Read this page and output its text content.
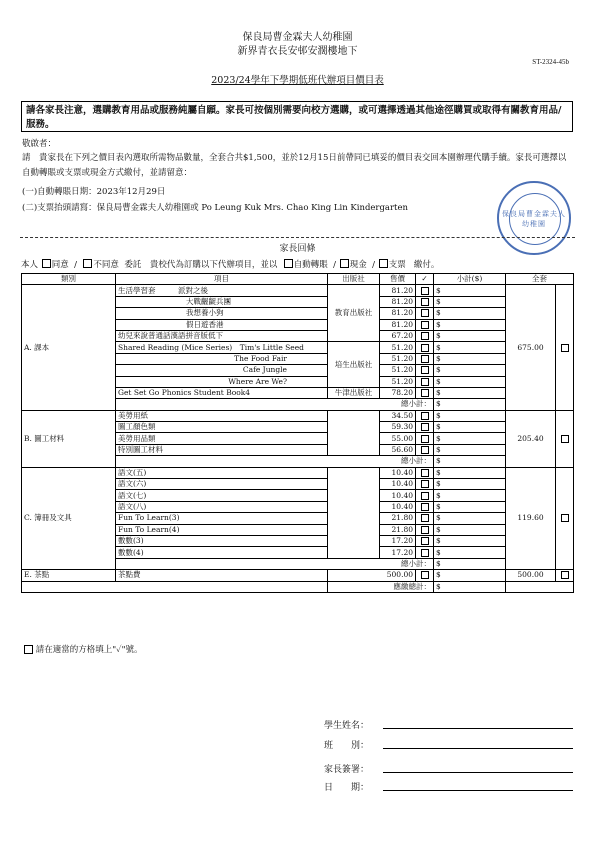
保良局曹金霖夫人幼稚園
新界青衣長安邨安濶樓地下
ST-2324-45b
2023/24學年下學期低班代辦項目價目表
請各家長注意，選購教育用品或服務純屬自願。家長可按個別需要向校方選購，或可選擇透過其他途徑購買或取得有關教育用品/服務。
敬啟者：
請　貴家長在下列之價目表內選取所需物品數量，全套合共$1,500，並於12月15日前帶同已填妥的價目表交回本園辦理代購手續。家長可選擇以自動轉賬或支票或現金方式繳付，並請留意：
(一)自動轉賬日期：2023年12月29日
(二)支票抬頭請寫：保良局曹金霖夫人幼稚園或 Po Leung Kuk Mrs. Chao King Lin Kindergarten
保良局曹金霖夫人幼稚園
家長回條
本人 同意  /  不同意 委託　貴校代為訂購以下代辦項目，並以 自動轉賬  / 現金  / 支票 繳付。
類別	項目	出版社	售價	✓	小計($)	全套	
A. 課本	生活學習套　　　派對之後	教育出版社	81.20		$	675.00	
	大戰齷齪兵團		81.20		$		
	我想養小狗		81.20		$		
	假日遊香港		81.20		$		
	幼兒來說普通話漢語拼音版低下		67.20		$		
	Shared Reading (Mice Series)　Tim's Little Seed	培生出版社	51.20		$		
	The Food Fair		51.20		$		
	Cafe Jungle		51.20		$		
	Where Are We?		51.20		$		
	Get Set Go Phonics Student Book4	牛津出版社	78.20		$		
	總小計：				$		
B. 圖工材料	美勞用紙		34.50		$	205.40	
	圖工顏色類		59.30		$		
	美勞用品類		55.00		$		
	特別圖工材料		56.60		$		
	總小計：				$		
C. 簿冊及文具	語文(五)		10.40		$	119.60	
	語文(六)		10.40		$		
	語文(七)		10.40		$		
	語文(八)		10.40		$		
	Fun To Learn(3)		21.80		$		
	Fun To Learn(4)		21.80		$		
	數數(3)		17.20		$		
	數數(4)		17.20		$		
	總小計：				$		
E. 茶點	茶點費	500.00			$	500.00	
		應繳總計：			$		
請在適當的方格填上"✓"號。
學生姓名：
班　　別：
家長簽署：
日　　期：
